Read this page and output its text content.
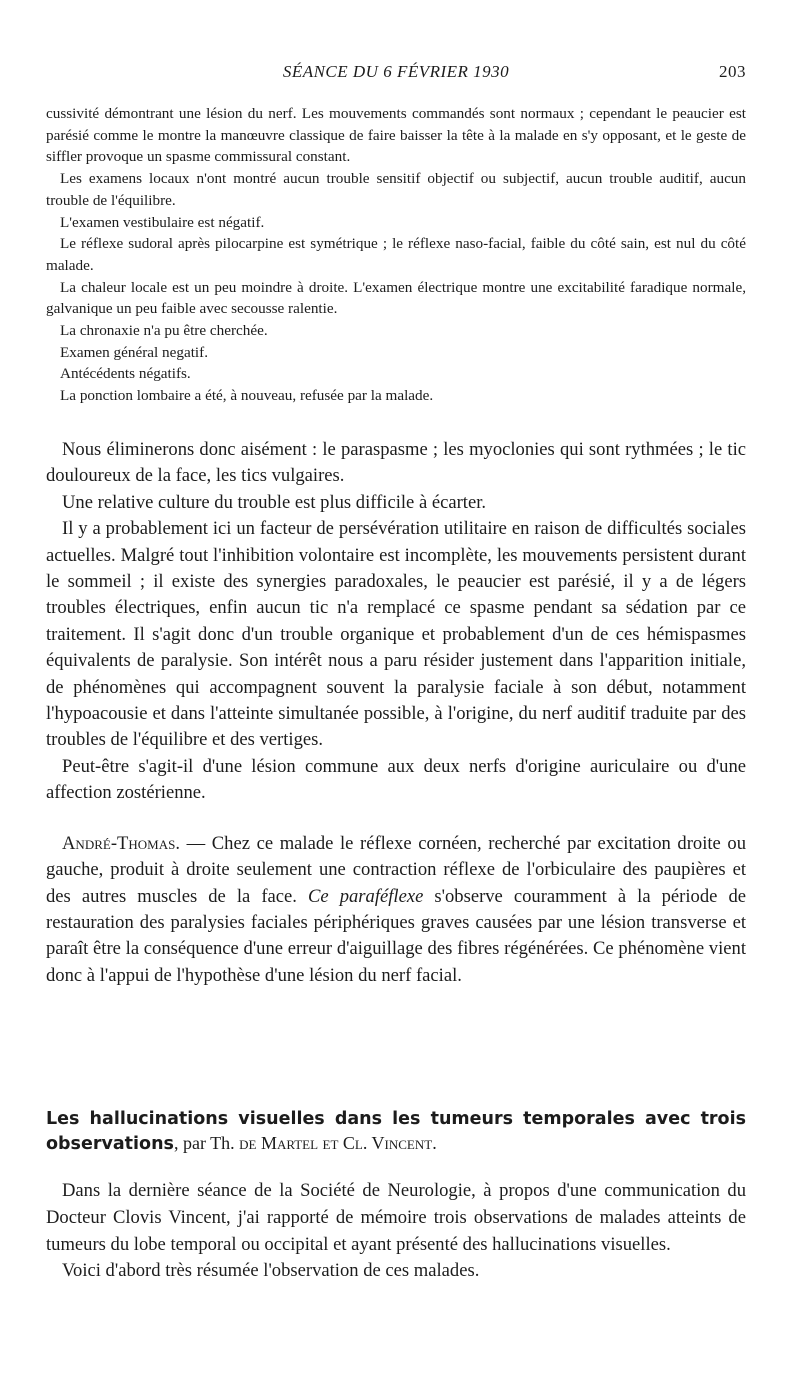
SÉANCE DU 6 FÉVRIER 1930	203

cussivité démontrant une lésion du nerf. Les mouvements commandés sont normaux ; cependant le peaucier est parésié comme le montre la manœuvre classique de faire baisser la tête à la malade en s'y opposant, et le geste de siffler provoque un spasme commissural constant.

Les examens locaux n'ont montré aucun trouble sensitif objectif ou subjectif, aucun trouble auditif, aucun trouble de l'équilibre.

L'examen vestibulaire est négatif.

Le réflexe sudoral après pilocarpine est symétrique ; le réflexe naso-facial, faible du côté sain, est nul du côté malade.

La chaleur locale est un peu moindre à droite. L'examen électrique montre une excitabilité faradique normale, galvanique un peu faible avec secousse ralentie.

La chronaxie n'a pu être cherchée.

Examen général negatif.

Antécédents négatifs.

La ponction lombaire a été, à nouveau, refusée par la malade.

Nous éliminerons donc aisément : le paraspasme ; les myoclonies qui sont rythmées ; le tic douloureux de la face, les tics vulgaires.

Une relative culture du trouble est plus difficile à écarter.

Il y a probablement ici un facteur de persévération utilitaire en raison de difficultés sociales actuelles. Malgré tout l'inhibition volontaire est incomplète, les mouvements persistent durant le sommeil ; il existe des synergies paradoxales, le peaucier est parésié, il y a de légers troubles électriques, enfin aucun tic n'a remplacé ce spasme pendant sa sédation par ce traitement. Il s'agit donc d'un trouble organique et probablement d'un de ces hémispasmes équivalents de paralysie. Son intérêt nous a paru résider justement dans l'apparition initiale, de phénomènes qui accompagnent souvent la paralysie faciale à son début, notamment l'hypoacousie et dans l'atteinte simultanée possible, à l'origine, du nerf auditif traduite par des troubles de l'équilibre et des vertiges.

Peut-être s'agit-il d'une lésion commune aux deux nerfs d'origine auriculaire ou d'une affection zostérienne.

André-Thomas. — Chez ce malade le réflexe cornéen, recherché par excitation droite ou gauche, produit à droite seulement une contraction réflexe de l'orbiculaire des paupières et des autres muscles de la face. Ce paraféflexe s'observe couramment à la période de restauration des paralysies faciales périphériques graves causées par une lésion transverse et paraît être la conséquence d'une erreur d'aiguillage des fibres régénérées. Ce phénomène vient donc à l'appui de l'hypothèse d'une lésion du nerf facial.

Les hallucinations visuelles dans les tumeurs temporales avec trois observations, par Th. de Martel et Cl. Vincent.

Dans la dernière séance de la Société de Neurologie, à propos d'une communication du Docteur Clovis Vincent, j'ai rapporté de mémoire trois observations de malades atteints de tumeurs du lobe temporal ou occipital et ayant présenté des hallucinations visuelles.

Voici d'abord très résumée l'observation de ces malades.
